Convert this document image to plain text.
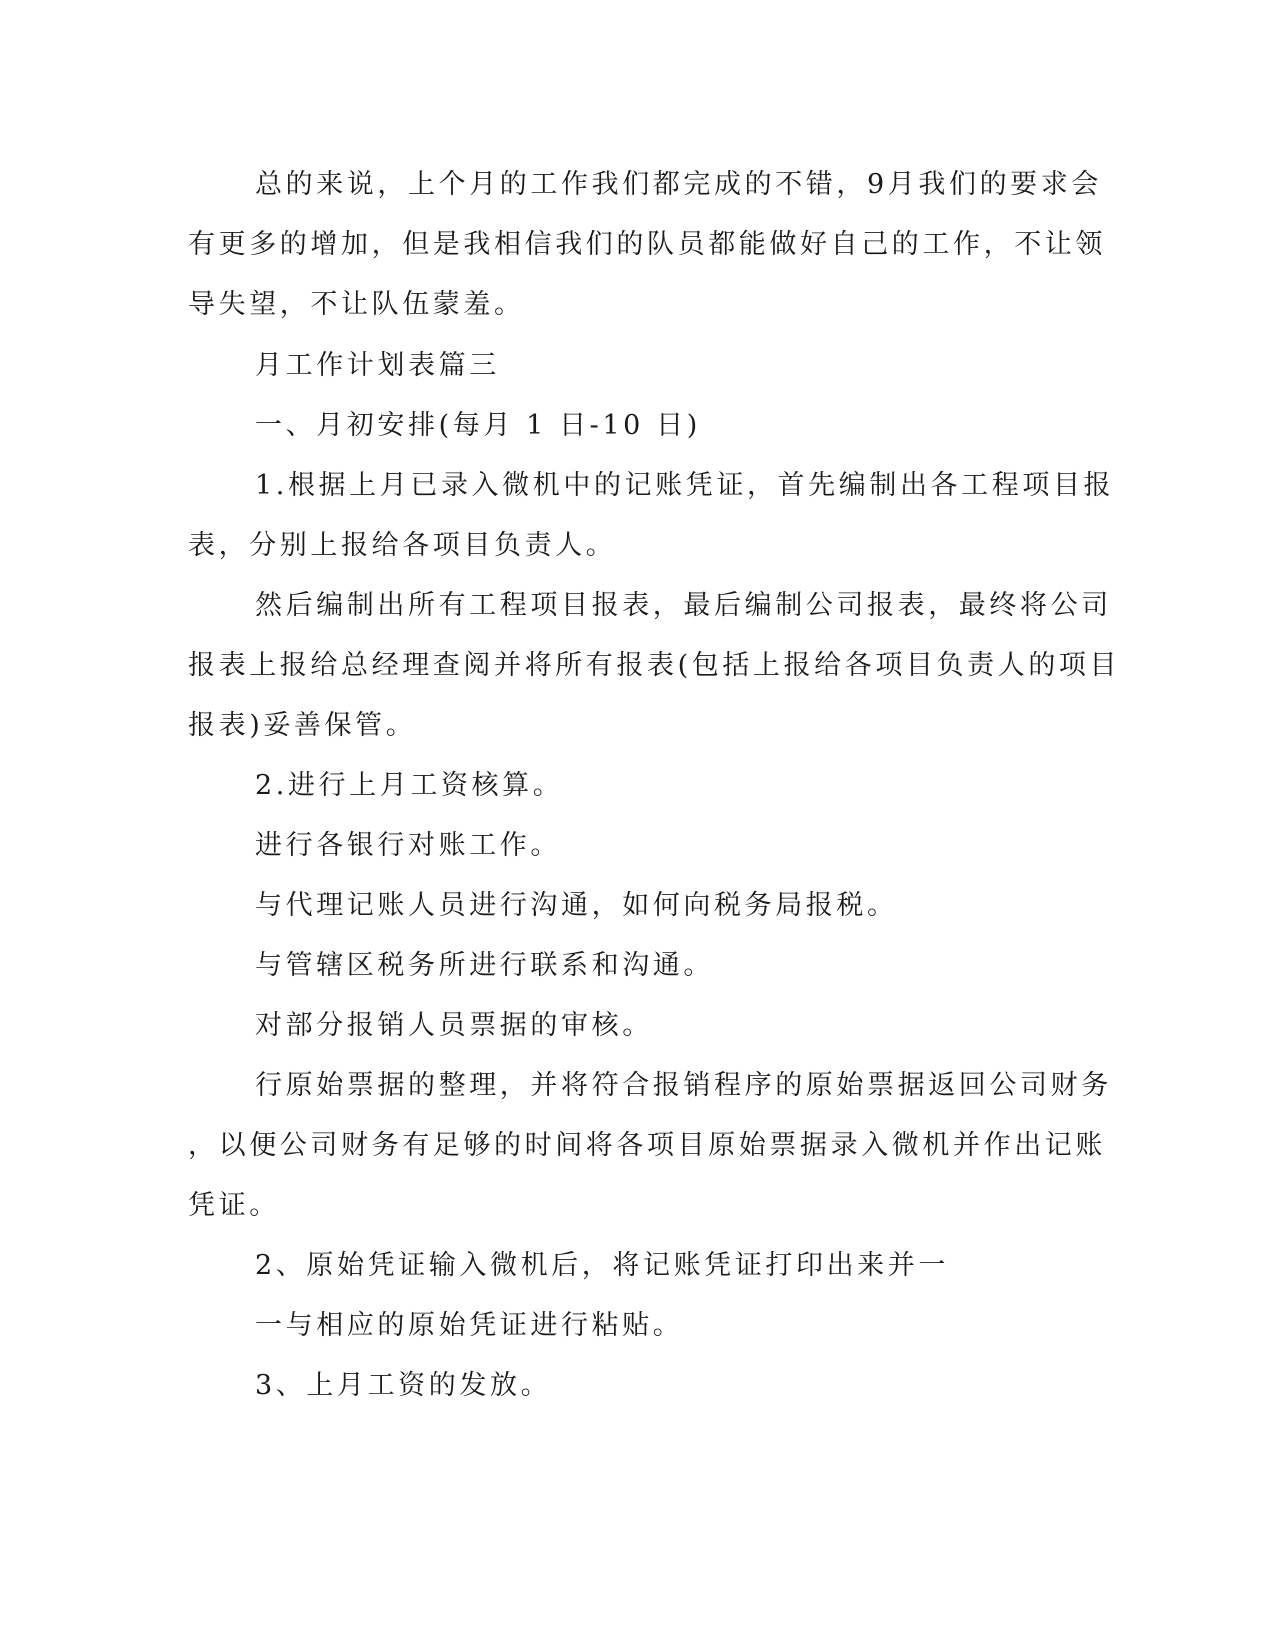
总的来说，上个月的工作我们都完成的不错，9月我们的要求会
有更多的增加，但是我相信我们的队员都能做好自己的工作，不让领
导失望，不让队伍蒙羞。
月工作计划表篇三
一、月初安排(每月 1 日-10 日)
1.根据上月已录入微机中的记账凭证，首先编制出各工程项目报
表，分别上报给各项目负责人。
然后编制出所有工程项目报表，最后编制公司报表，最终将公司
报表上报给总经理查阅并将所有报表(包括上报给各项目负责人的项目
报表)妥善保管。
2.进行上月工资核算。
进行各银行对账工作。
与代理记账人员进行沟通，如何向税务局报税。
与管辖区税务所进行联系和沟通。
对部分报销人员票据的审核。
行原始票据的整理，并将符合报销程序的原始票据返回公司财务
，以便公司财务有足够的时间将各项目原始票据录入微机并作出记账
凭证。
2、原始凭证输入微机后，将记账凭证打印出来并一
一与相应的原始凭证进行粘贴。
3、上月工资的发放。
